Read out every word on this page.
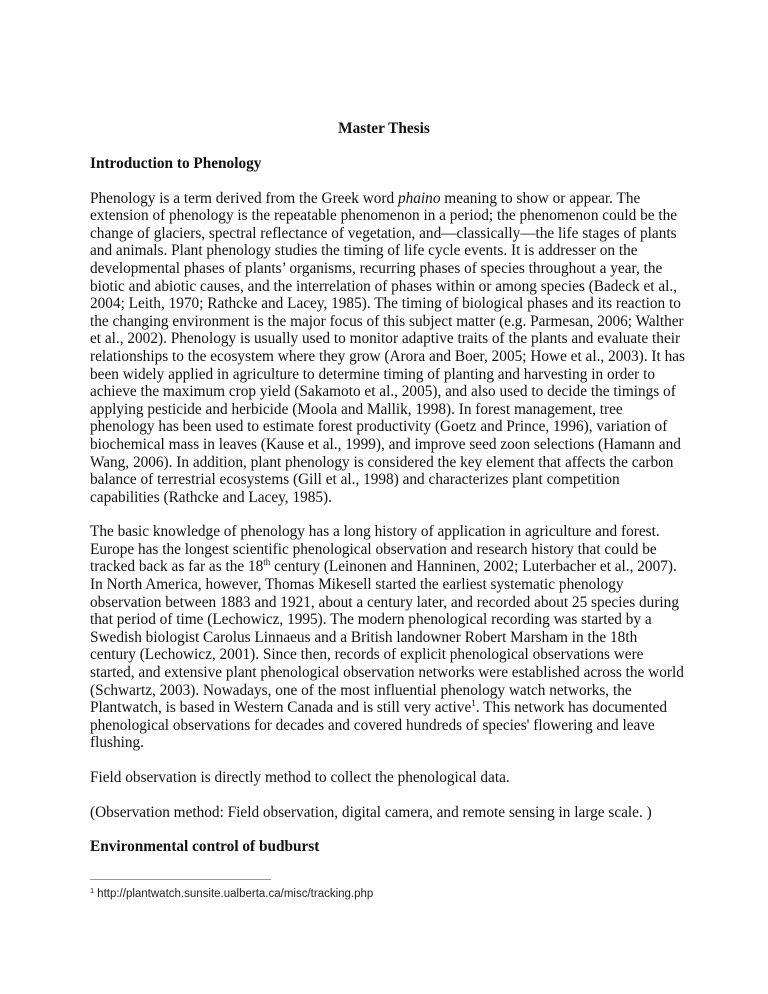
Master Thesis
Introduction to Phenology

Phenology is a term derived from the Greek word phaino meaning to show or appear. The
extension of phenology is the repeatable phenomenon in a period; the phenomenon could be the
change of glaciers, spectral reflectance of vegetation, and—classically—the life stages of plants
and animals. Plant phenology studies the timing of life cycle events. It is addresser on the
developmental phases of plants’ organisms, recurring phases of species throughout a year, the
biotic and abiotic causes, and the interrelation of phases within or among species (Badeck et al.,
2004; Leith, 1970; Rathcke and Lacey, 1985). The timing of biological phases and its reaction to
the changing environment is the major focus of this subject matter (e.g. Parmesan, 2006; Walther
et al., 2002). Phenology is usually used to monitor adaptive traits of the plants and evaluate their
relationships to the ecosystem where they grow (Arora and Boer, 2005; Howe et al., 2003). It has
been widely applied in agriculture to determine timing of planting and harvesting in order to
achieve the maximum crop yield (Sakamoto et al., 2005), and also used to decide the timings of
applying pesticide and herbicide (Moola and Mallik, 1998). In forest management, tree
phenology has been used to estimate forest productivity (Goetz and Prince, 1996), variation of
biochemical mass in leaves (Kause et al., 1999), and improve seed zoon selections (Hamann and
Wang, 2006). In addition, plant phenology is considered the key element that affects the carbon
balance of terrestrial ecosystems (Gill et al., 1998) and characterizes plant competition
capabilities (Rathcke and Lacey, 1985).

The basic knowledge of phenology has a long history of application in agriculture and forest.
Europe has the longest scientific phenological observation and research history that could be
tracked back as far as the 18th century (Leinonen and Hanninen, 2002; Luterbacher et al., 2007).
In North America, however, Thomas Mikesell started the earliest systematic phenology
observation between 1883 and 1921, about a century later, and recorded about 25 species during
that period of time (Lechowicz, 1995). The modern phenological recording was started by a
Swedish biologist Carolus Linnaeus and a British landowner Robert Marsham in the 18th
century (Lechowicz, 2001). Since then, records of explicit phenological observations were
started, and extensive plant phenological observation networks were established across the world
(Schwartz, 2003). Nowadays, one of the most influential phenology watch networks, the
Plantwatch, is based in Western Canada and is still very active$^1$. This network has documented
phenological observations for decades and covered hundreds of species' flowering and leave
flushing.

Field observation is directly method to collect the phenological data.

(Observation method: Field observation, digital camera, and remote sensing in large scale. )

Environmental control of budburst
$^1$ http://plantwatch.sunsite.ualberta.ca/misc/tracking.php
